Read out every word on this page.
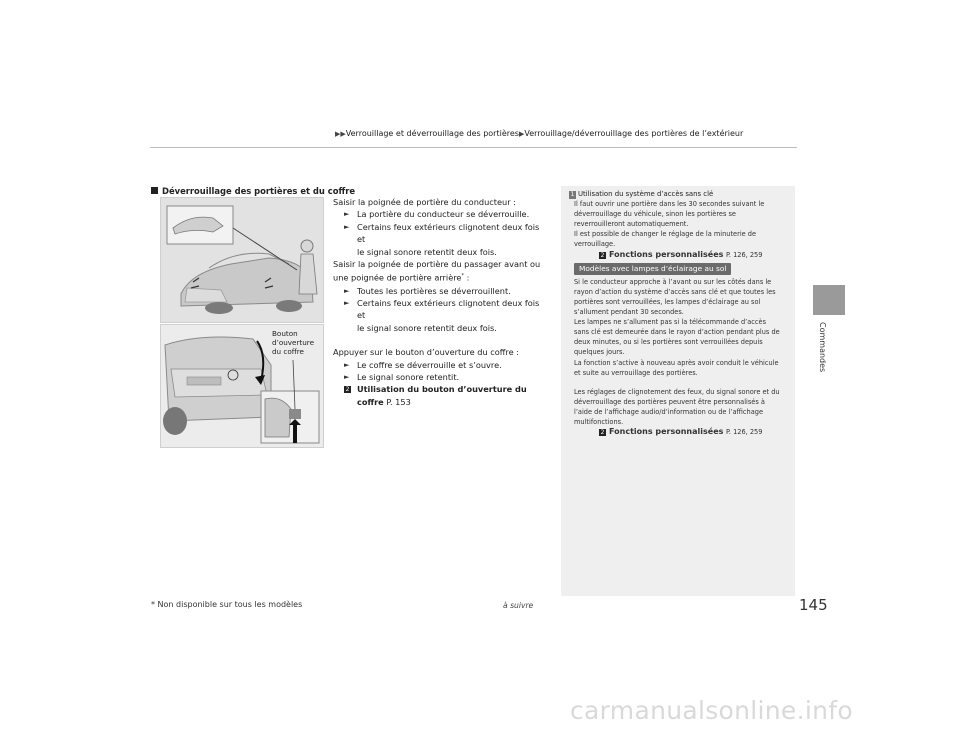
▶▶Verrouillage et déverrouillage des portières▶Verrouillage/déverrouillage des portières de l’extérieur
Commandes
Déverrouillage des portières et du coffre
Bouton
d’ouverture
du coffre

Saisir la poignée de portière du conducteur :

► La portière du conducteur se déverrouille.
► Certains feux extérieurs clignotent deux fois et
le signal sonore retentit deux fois.

Saisir la poignée de portière du passager avant ou
une poignée de portière arrière* :

► Toutes les portières se déverrouillent.
► Certains feux extérieurs clignotent deux fois et
le signal sonore retentit deux fois.

Appuyer sur le bouton d’ouverture du coffre :

► Le coffre se déverrouille et s’ouvre.
► Le signal sonore retentit.
2 Utilisation du bouton d’ouverture du
coffre P. 153

1 Utilisation du système d’accès sans clé

Il faut ouvrir une portière dans les 30 secondes suivant le

déverrouillage du véhicule, sinon les portières se

reverrouilleront automatiquement.

Il est possible de changer le réglage de la minuterie de

verrouillage.

2 Fonctions personnalisées P. 126, 259

Modèles avec lampes d’éclairage au sol

Si le conducteur approche à l’avant ou sur les côtés dans le

rayon d’action du système d’accès sans clé et que toutes les

portières sont verrouillées, les lampes d’éclairage au sol

s’allument pendant 30 secondes.

Les lampes ne s’allument pas si la télécommande d’accès

sans clé est demeurée dans le rayon d’action pendant plus de

deux minutes, ou si les portières sont verrouillées depuis

quelques jours.

La fonction s’active à nouveau après avoir conduit le véhicule

et suite au verrouillage des portières.

Les réglages de clignotement des feux, du signal sonore et du

déverrouillage des portières peuvent être personnalisés à

l’aide de l’affichage audio/d’information ou de l’affichage

multifonctions.

2 Fonctions personnalisées P. 126, 259

* Non disponible sur tous les modèles	à suivre	145
carmanualsonline.info
